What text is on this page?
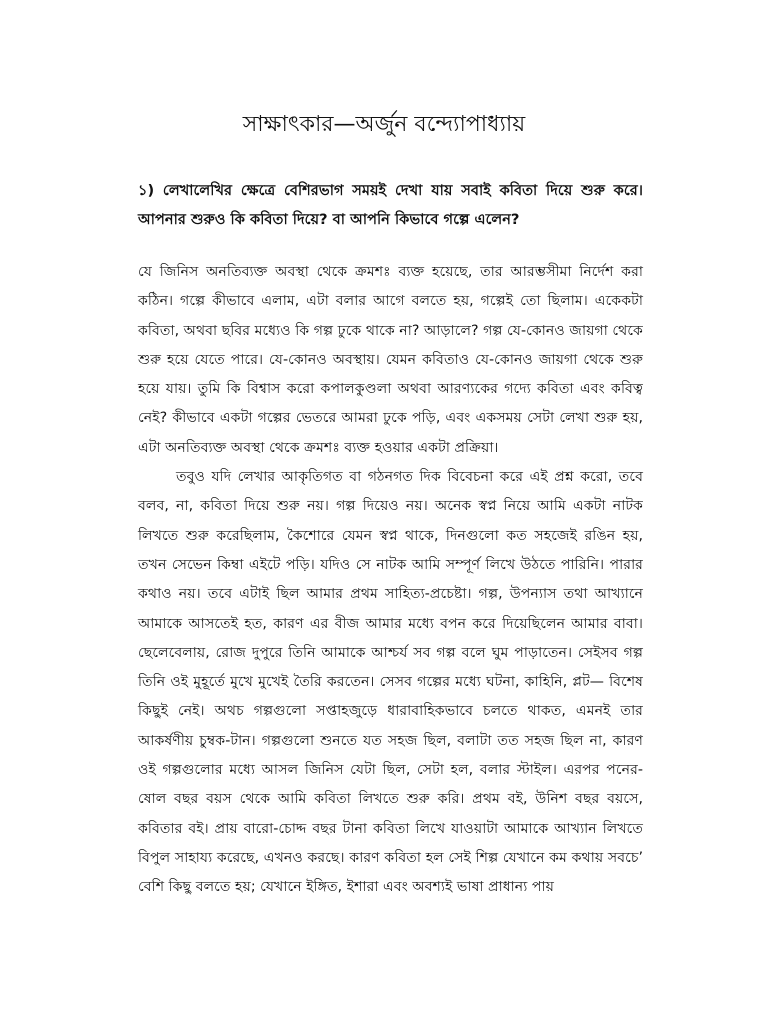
সাক্ষাৎকার—অর্জুন বন্দ্যোপাধ্যায়
১) লেখালেখির ক্ষেত্রে বেশিরভাগ সময়ই দেখা যায় সবাই কবিতা দিয়ে শুরু করে। আপনার শুরুও কি কবিতা দিয়ে? বা আপনি কিভাবে গল্পে এলেন?

যে জিনিস অনতিব্যক্ত অবস্থা থেকে ক্রমশঃ ব্যক্ত হয়েছে, তার আরম্ভসীমা নির্দেশ করা কঠিন। গল্পে কীভাবে এলাম, এটা বলার আগে বলতে হয়, গল্পেই তো ছিলাম। একেকটা কবিতা, অথবা ছবির মধ্যেও কি গল্প ঢুকে থাকে না? আড়ালে? গল্প যে-কোনও জায়গা থেকে শুরু হয়ে যেতে পারে। যে-কোনও অবস্থায়। যেমন কবিতাও যে-কোনও জায়গা থেকে শুরু হয়ে যায়। তুমি কি বিশ্বাস করো কপালকুণ্ডলা অথবা আরণ্যকের গদ্যে কবিতা এবং কবিত্ব নেই? কীভাবে একটা গল্পের ভেতরে আমরা ঢুকে পড়ি, এবং একসময় সেটা লেখা শুরু হয়, এটা অনতিব্যক্ত অবস্থা থেকে ক্রমশঃ ব্যক্ত হওয়ার একটা প্রক্রিয়া।

তবুও যদি লেখার আকৃতিগত বা গঠনগত দিক বিবেচনা করে এই প্রশ্ন করো, তবে বলব, না, কবিতা দিয়ে শুরু নয়। গল্প দিয়েও নয়। অনেক স্বপ্ন নিয়ে আমি একটা নাটক লিখতে শুরু করেছিলাম, কৈশোরে যেমন স্বপ্ন থাকে, দিনগুলো কত সহজেই রঙিন হয়, তখন সেভেন কিম্বা এইটে পড়ি। যদিও সে নাটক আমি সম্পূর্ণ লিখে উঠতে পারিনি। পারার কথাও নয়। তবে এটাই ছিল আমার প্রথম সাহিত্য-প্রচেষ্টা। গল্প, উপন্যাস তথা আখ্যানে আমাকে আসতেই হত, কারণ এর বীজ আমার মধ্যে বপন করে দিয়েছিলেন আমার বাবা। ছেলেবেলায়, রোজ দুপুরে তিনি আমাকে আশ্চর্য সব গল্প বলে ঘুম পাড়াতেন। সেইসব গল্প তিনি ওই মুহূর্তে মুখে মুখেই তৈরি করতেন। সেসব গল্পের মধ্যে ঘটনা, কাহিনি, প্লট— বিশেষ কিছুই নেই। অথচ গল্পগুলো সপ্তাহজুড়ে ধারাবাহিকভাবে চলতে থাকত, এমনই তার আকর্ষণীয় চুম্বক-টান। গল্পগুলো শুনতে যত সহজ ছিল, বলাটা তত সহজ ছিল না, কারণ ওই গল্পগুলোর মধ্যে আসল জিনিস যেটা ছিল, সেটা হল, বলার স্টাইল। এরপর পনের-ষোল বছর বয়স থেকে আমি কবিতা লিখতে শুরু করি। প্রথম বই, উনিশ বছর বয়সে, কবিতার বই। প্রায় বারো-চোদ্দ বছর টানা কবিতা লিখে যাওয়াটা আমাকে আখ্যান লিখতে বিপুল সাহায্য করেছে, এখনও করছে। কারণ কবিতা হল সেই শিল্প যেখানে কম কথায় সবচে’ বেশি কিছু বলতে হয়; যেখানে ইঙ্গিত, ইশারা এবং অবশ্যই ভাষা প্রাধান্য পায়
